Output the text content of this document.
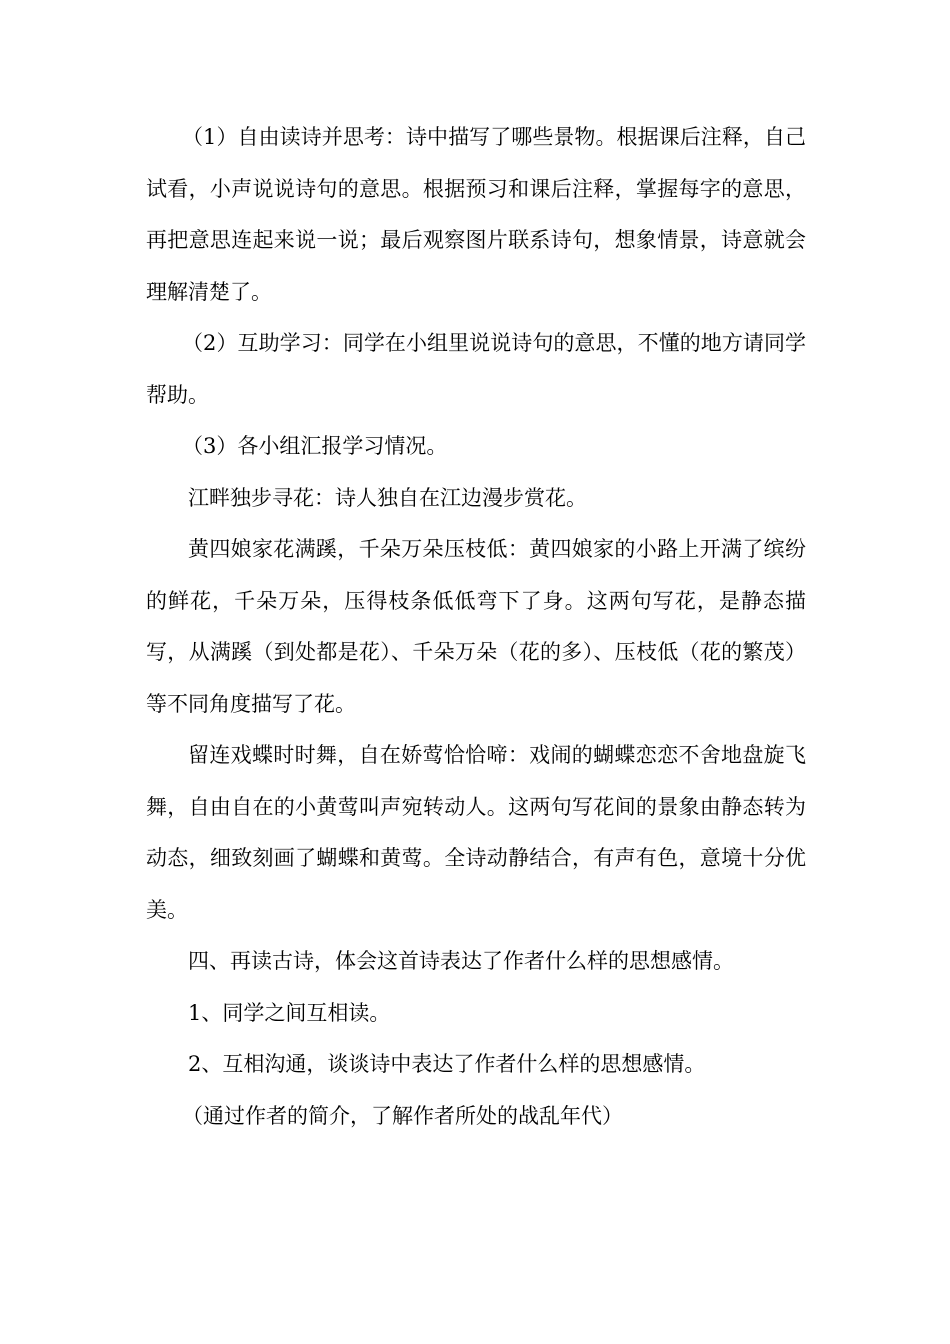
（1）自由读诗并思考：诗中描写了哪些景物。根据课后注释，自己试看，小声说说诗句的意思。根据预习和课后注释，掌握每字的意思，再把意思连起来说一说；最后观察图片联系诗句，想象情景，诗意就会理解清楚了。

（2）互助学习：同学在小组里说说诗句的意思，不懂的地方请同学帮助。

（3）各小组汇报学习情况。

江畔独步寻花：诗人独自在江边漫步赏花。

黄四娘家花满蹊，千朵万朵压枝低：黄四娘家的小路上开满了缤纷的鲜花，千朵万朵，压得枝条低低弯下了身。这两句写花，是静态描写，从满蹊（到处都是花）、千朵万朵（花的多）、压枝低（花的繁茂）等不同角度描写了花。

留连戏蝶时时舞，自在娇莺恰恰啼：戏闹的蝴蝶恋恋不舍地盘旋飞舞，自由自在的小黄莺叫声宛转动人。这两句写花间的景象由静态转为动态，细致刻画了蝴蝶和黄莺。全诗动静结合，有声有色，意境十分优美。

四、再读古诗，体会这首诗表达了作者什么样的思想感情。

1、同学之间互相读。

2、互相沟通，谈谈诗中表达了作者什么样的思想感情。

（通过作者的简介，了解作者所处的战乱年代）
